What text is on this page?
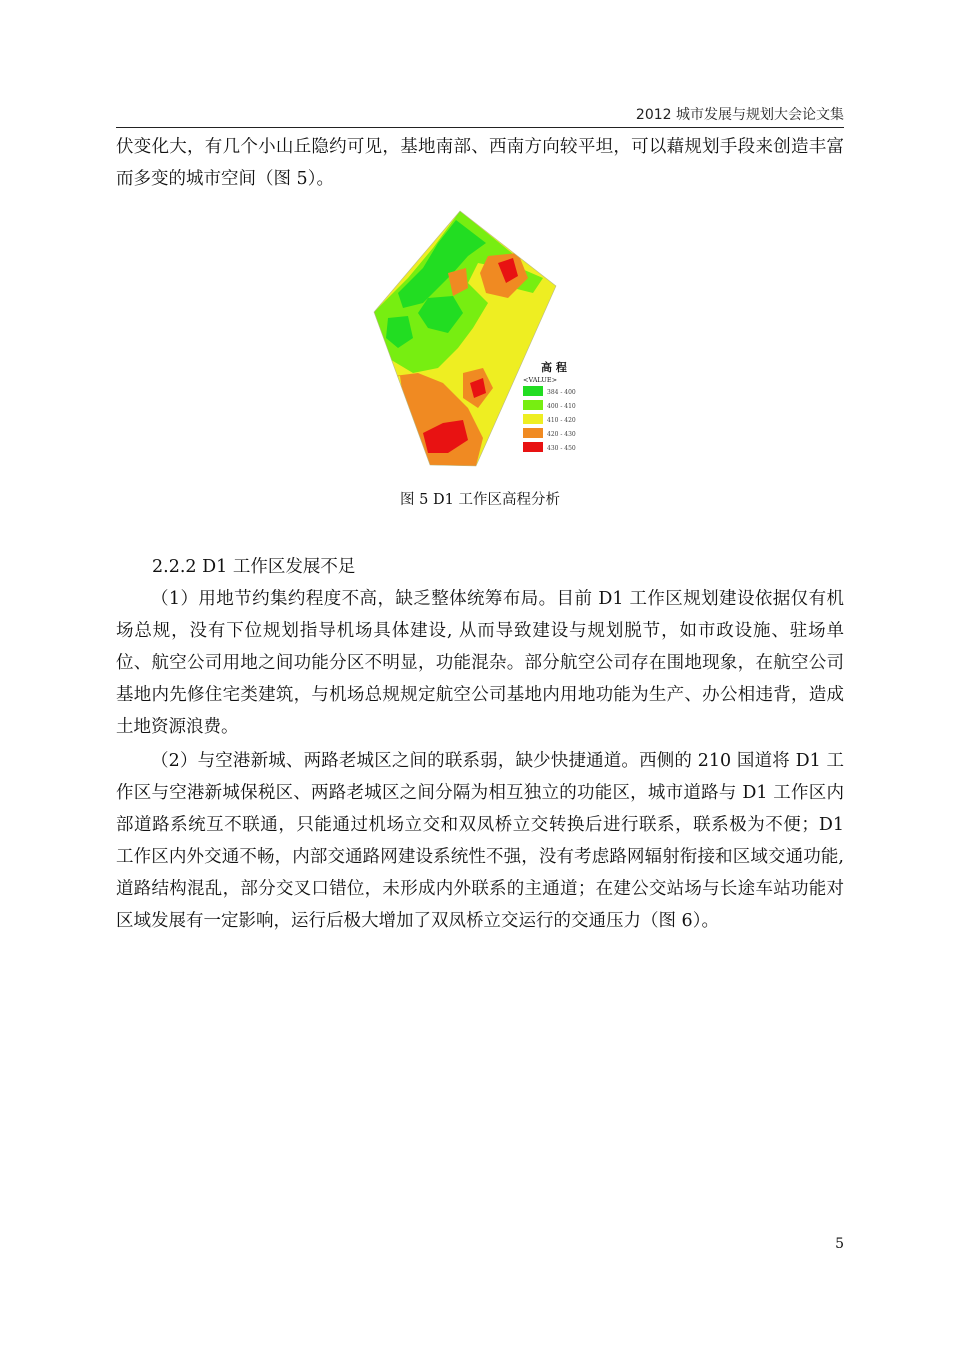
2012 城市发展与规划大会论文集

伏变化大，有几个小山丘隐约可见，基地南部、西南方向较平坦，可以藉规划手段来创造丰富而多变的城市空间（图 5）。

高 程
<VALUE>
384 - 400
400 - 410
410 - 420
420 - 430
430 - 450
图 5 D1 工作区高程分析
2.2.2 D1 工作区发展不足

（1）用地节约集约程度不高，缺乏整体统筹布局。目前 D1 工作区规划建设依据仅有机场总规，没有下位规划指导机场具体建设, 从而导致建设与规划脱节，如市政设施、驻场单位、航空公司用地之间功能分区不明显，功能混杂。部分航空公司存在围地现象，在航空公司基地内先修住宅类建筑，与机场总规规定航空公司基地内用地功能为生产、办公相违背，造成土地资源浪费。

（2）与空港新城、两路老城区之间的联系弱，缺少快捷通道。西侧的 210 国道将 D1 工作区与空港新城保税区、两路老城区之间分隔为相互独立的功能区，城市道路与 D1 工作区内部道路系统互不联通，只能通过机场立交和双凤桥立交转换后进行联系，联系极为不便；D1 工作区内外交通不畅，内部交通路网建设系统性不强，没有考虑路网辐射衔接和区域交通功能, 道路结构混乱，部分交叉口错位，未形成内外联系的主通道；在建公交站场与长途车站功能对区域发展有一定影响，运行后极大增加了双凤桥立交运行的交通压力（图 6）。

5
